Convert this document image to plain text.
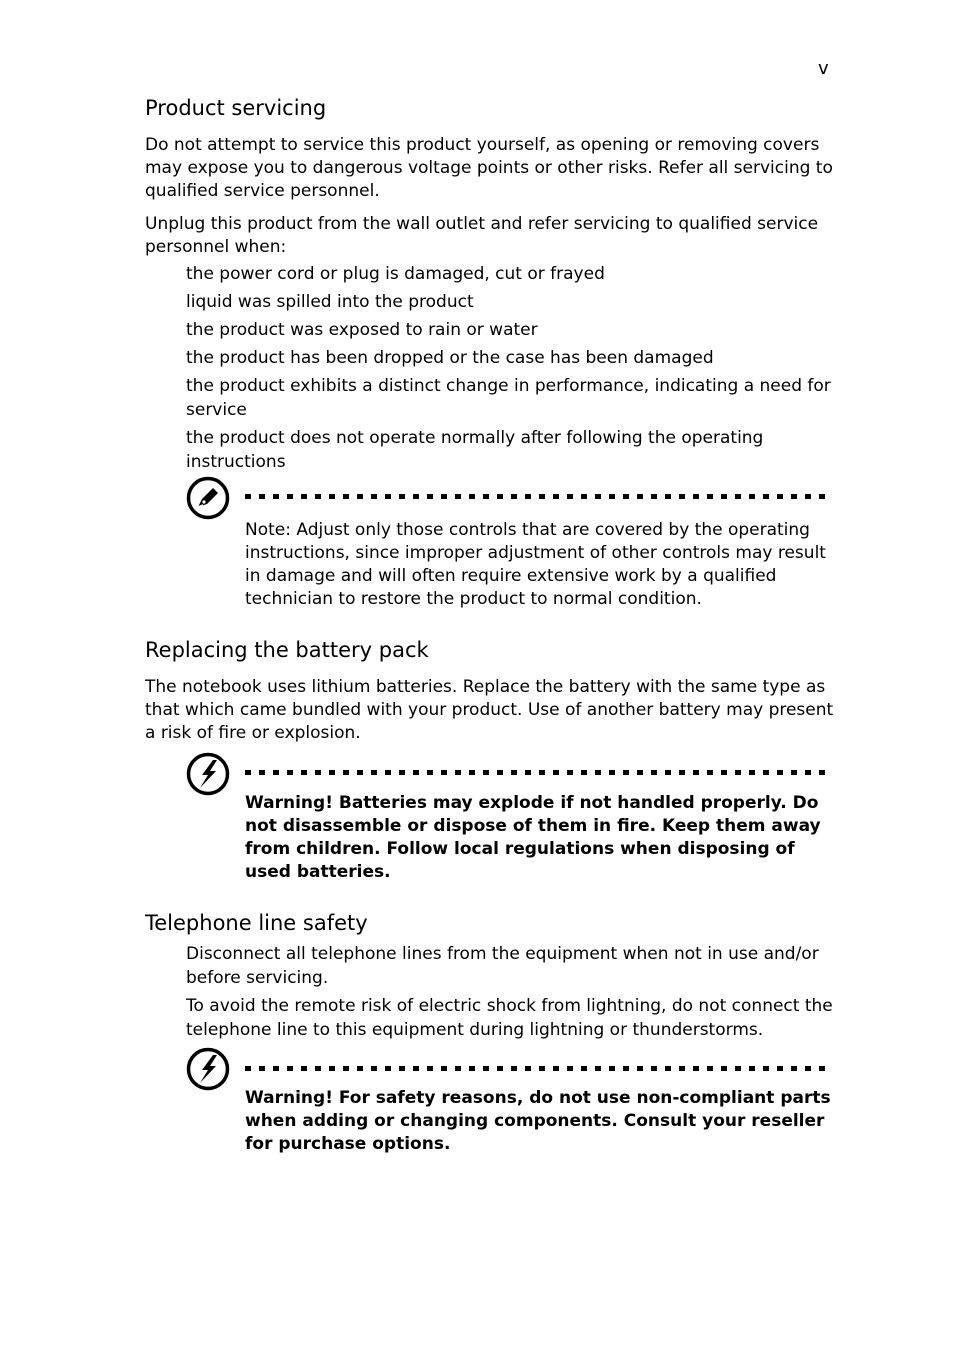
v
Product servicing

Do not attempt to service this product yourself, as opening or removing covers may expose you to dangerous voltage points or other risks. Refer all servicing to qualified service personnel.

Unplug this product from the wall outlet and refer servicing to qualified service personnel when:

the power cord or plug is damaged, cut or frayed
liquid was spilled into the product
the product was exposed to rain or water
the product has been dropped or the case has been damaged
the product exhibits a distinct change in performance, indicating a need for service
the product does not operate normally after following the operating instructions

Note: Adjust only those controls that are covered by the operating instructions, since improper adjustment of other controls may result in damage and will often require extensive work by a qualified technician to restore the product to normal condition.

Replacing the battery pack

The notebook uses lithium batteries. Replace the battery with the same type as that which came bundled with your product. Use of another battery may present a risk of fire or explosion.

Warning! Batteries may explode if not handled properly. Do not disassemble or dispose of them in fire. Keep them away from children. Follow local regulations when disposing of used batteries.

Telephone line safety
Disconnect all telephone lines from the equipment when not in use and/or before servicing.
To avoid the remote risk of electric shock from lightning, do not connect the telephone line to this equipment during lightning or thunderstorms.

Warning! For safety reasons, do not use non-compliant parts when adding or changing components. Consult your reseller for purchase options.
